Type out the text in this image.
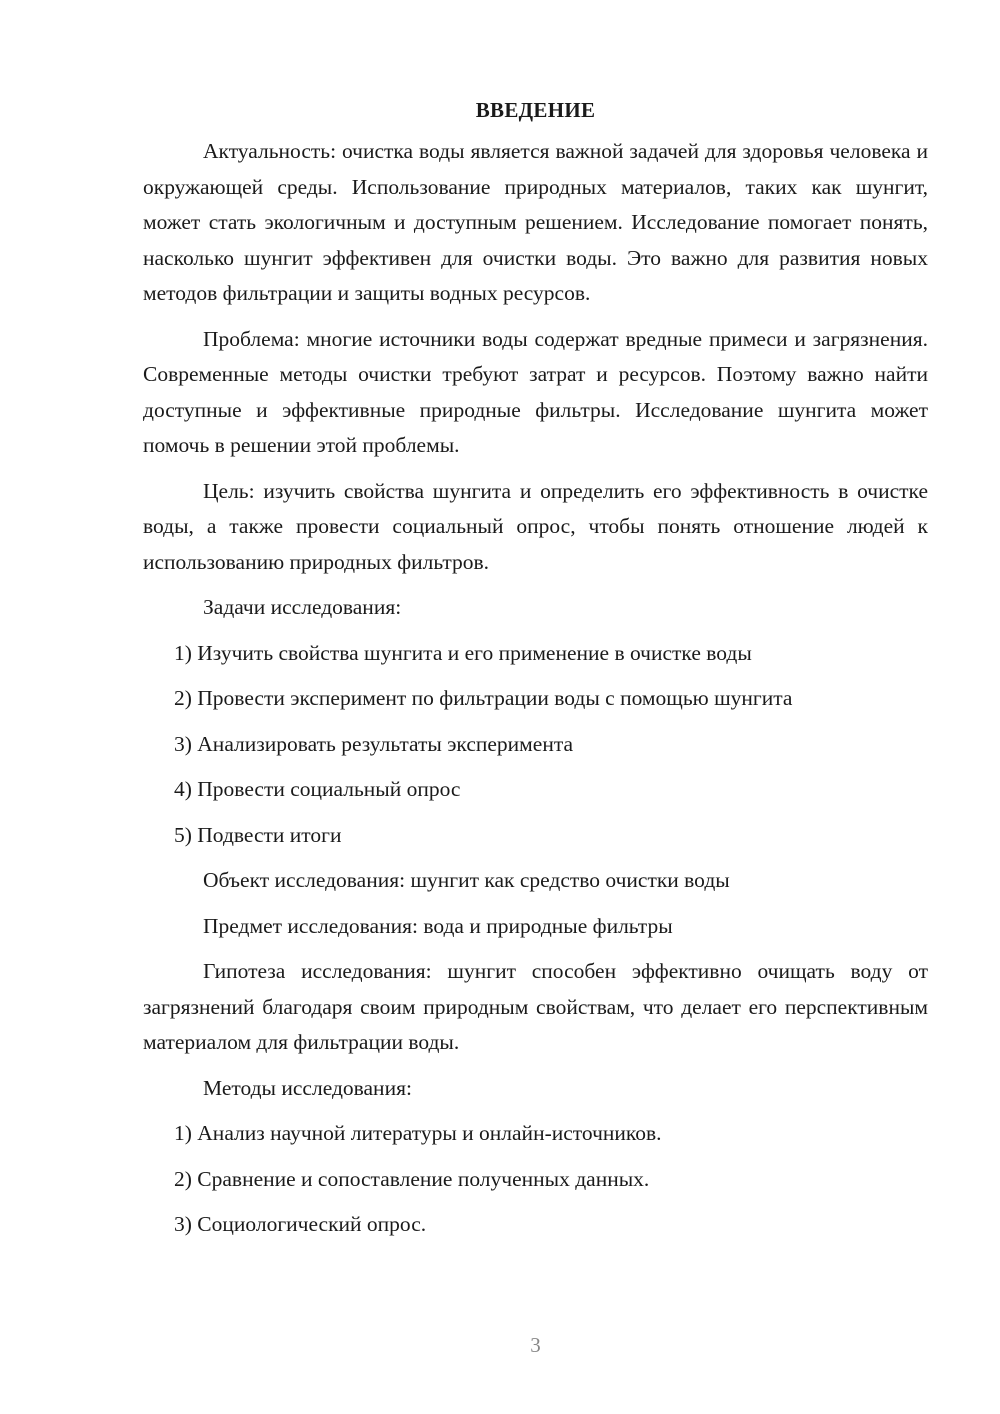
ВВЕДЕНИЕ

Актуальность: очистка воды является важной задачей для здоровья человека и окружающей среды. Использование природных материалов, таких как шунгит, может стать экологичным и доступным решением. Исследование помогает понять, насколько шунгит эффективен для очистки воды. Это важно для развития новых методов фильтрации и защиты водных ресурсов.

Проблема: многие источники воды содержат вредные примеси и загрязнения. Современные методы очистки требуют затрат и ресурсов. Поэтому важно найти доступные и эффективные природные фильтры. Исследование шунгита может помочь в решении этой проблемы.

Цель: изучить свойства шунгита и определить его эффективность в очистке воды, а также провести социальный опрос, чтобы понять отношение людей к использованию природных фильтров.

Задачи исследования:
1) Изучить свойства шунгита и его применение в очистке воды
2) Провести эксперимент по фильтрации воды с помощью шунгита
3) Анализировать результаты эксперимента
4) Провести социальный опрос
5) Подвести итоги
Объект исследования: шунгит как средство очистки воды
Предмет исследования: вода и природные фильтры

Гипотеза исследования: шунгит способен эффективно очищать воду от загрязнений благодаря своим природным свойствам, что делает его перспективным материалом для фильтрации воды.

Методы исследования:
1) Анализ научной литературы и онлайн-источников.
2) Сравнение и сопоставление полученных данных.
3) Социологический опрос.
3
